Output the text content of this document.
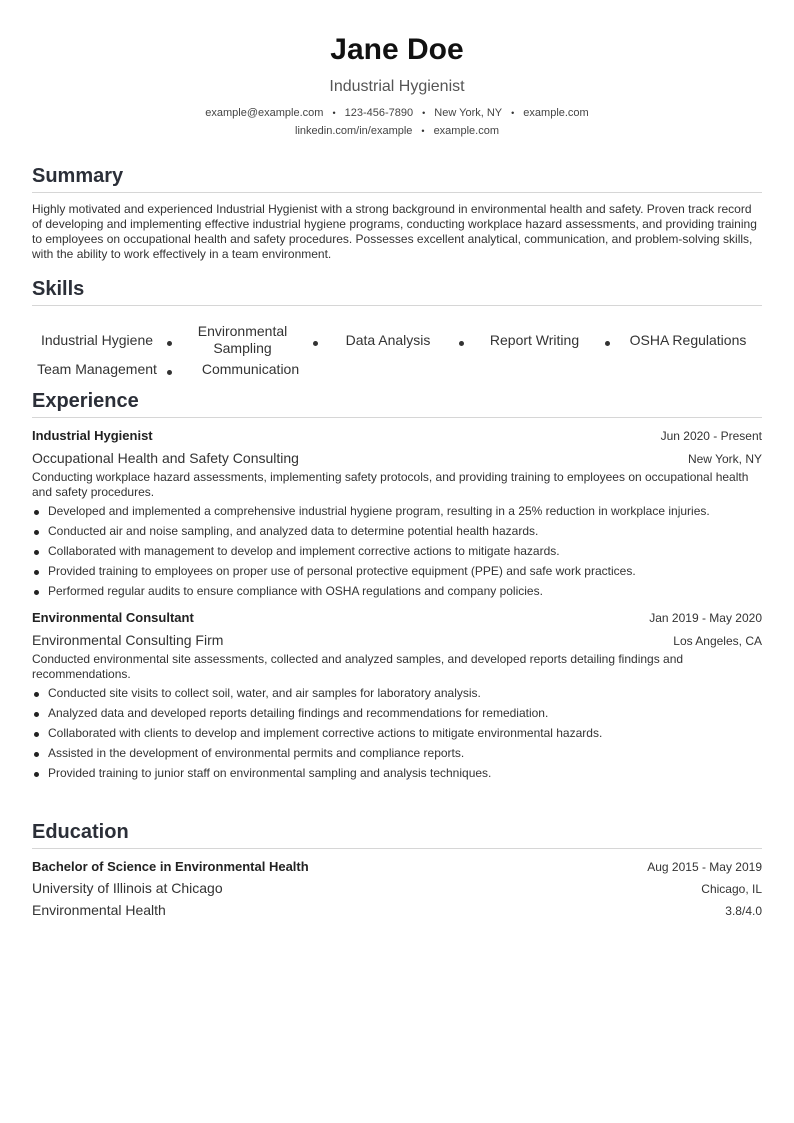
Jane Doe
Industrial Hygienist
example@example.com • 123-456-7890 • New York, NY • example.com
linkedin.com/in/example • example.com
Summary
Highly motivated and experienced Industrial Hygienist with a strong background in environmental health and safety. Proven track record of developing and implementing effective industrial hygiene programs, conducting workplace hazard assessments, and providing training to employees on occupational health and safety procedures. Possesses excellent analytical, communication, and problem-solving skills, with the ability to work effectively in a team environment.
Skills
Industrial Hygiene
Environmental Sampling	Data Analysis	Report Writing	OSHA Regulations
Team Management	Communication
Experience
Industrial Hygienist	Jun 2020 - Present
Occupational Health and Safety Consulting	New York, NY
Conducting workplace hazard assessments, implementing safety protocols, and providing training to employees on occupational health and safety procedures.
Developed and implemented a comprehensive industrial hygiene program, resulting in a 25% reduction in workplace injuries.
Conducted air and noise sampling, and analyzed data to determine potential health hazards.
Collaborated with management to develop and implement corrective actions to mitigate hazards.
Provided training to employees on proper use of personal protective equipment (PPE) and safe work practices.
Performed regular audits to ensure compliance with OSHA regulations and company policies.
Environmental Consultant	Jan 2019 - May 2020
Environmental Consulting Firm	Los Angeles, CA
Conducted environmental site assessments, collected and analyzed samples, and developed reports detailing findings and recommendations.
Conducted site visits to collect soil, water, and air samples for laboratory analysis.
Analyzed data and developed reports detailing findings and recommendations for remediation.
Collaborated with clients to develop and implement corrective actions to mitigate environmental hazards.
Assisted in the development of environmental permits and compliance reports.
Provided training to junior staff on environmental sampling and analysis techniques.
Education
Bachelor of Science in Environmental Health	Aug 2015 - May 2019
University of Illinois at Chicago	Chicago, IL
Environmental Health	3.8/4.0
